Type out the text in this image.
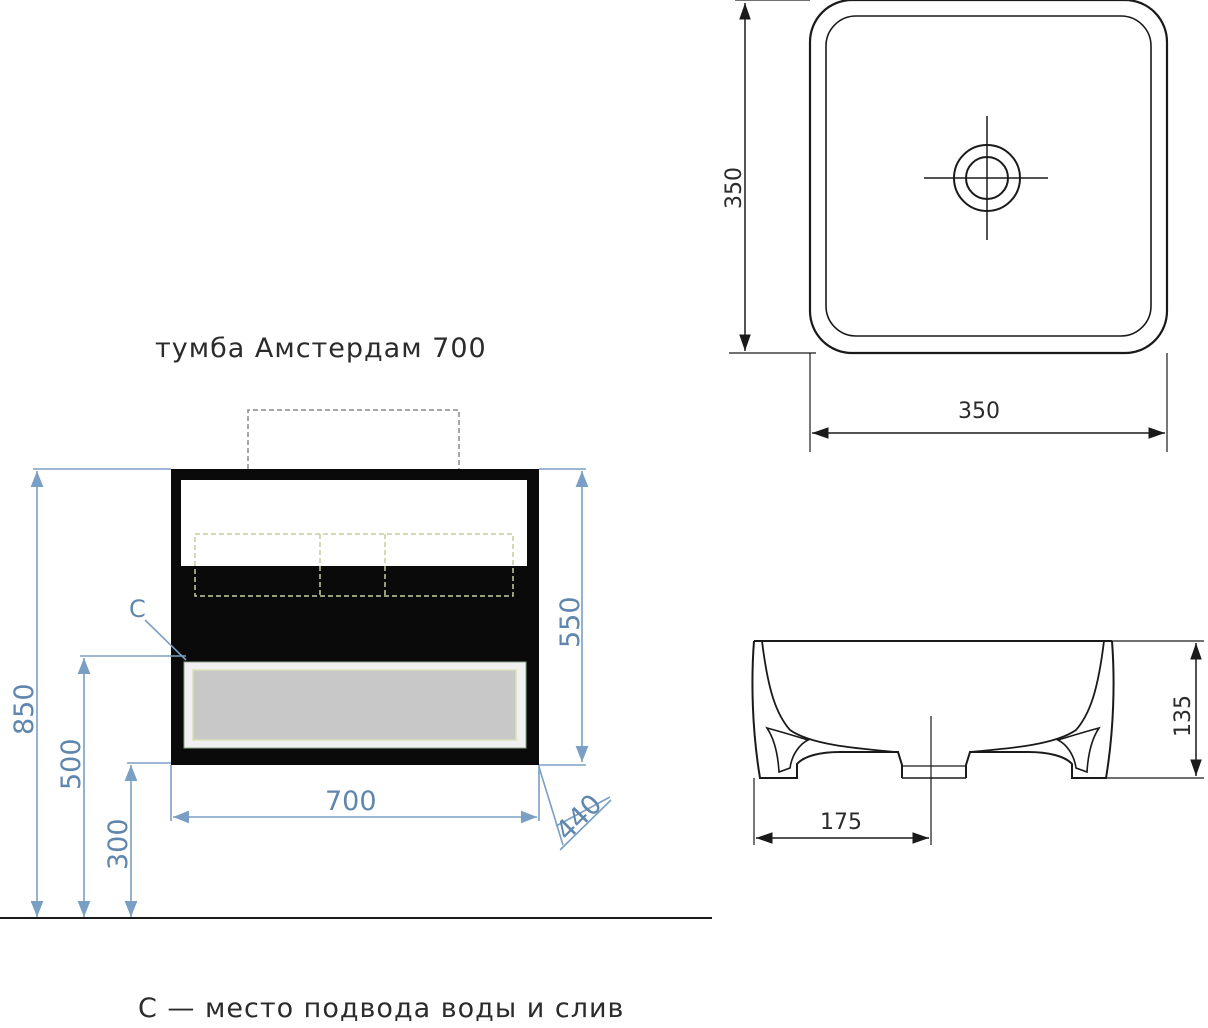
тумба Амстердам 700
С
850
500
300
550
700	440
350
350
135
175
С — место подвода воды и слив
